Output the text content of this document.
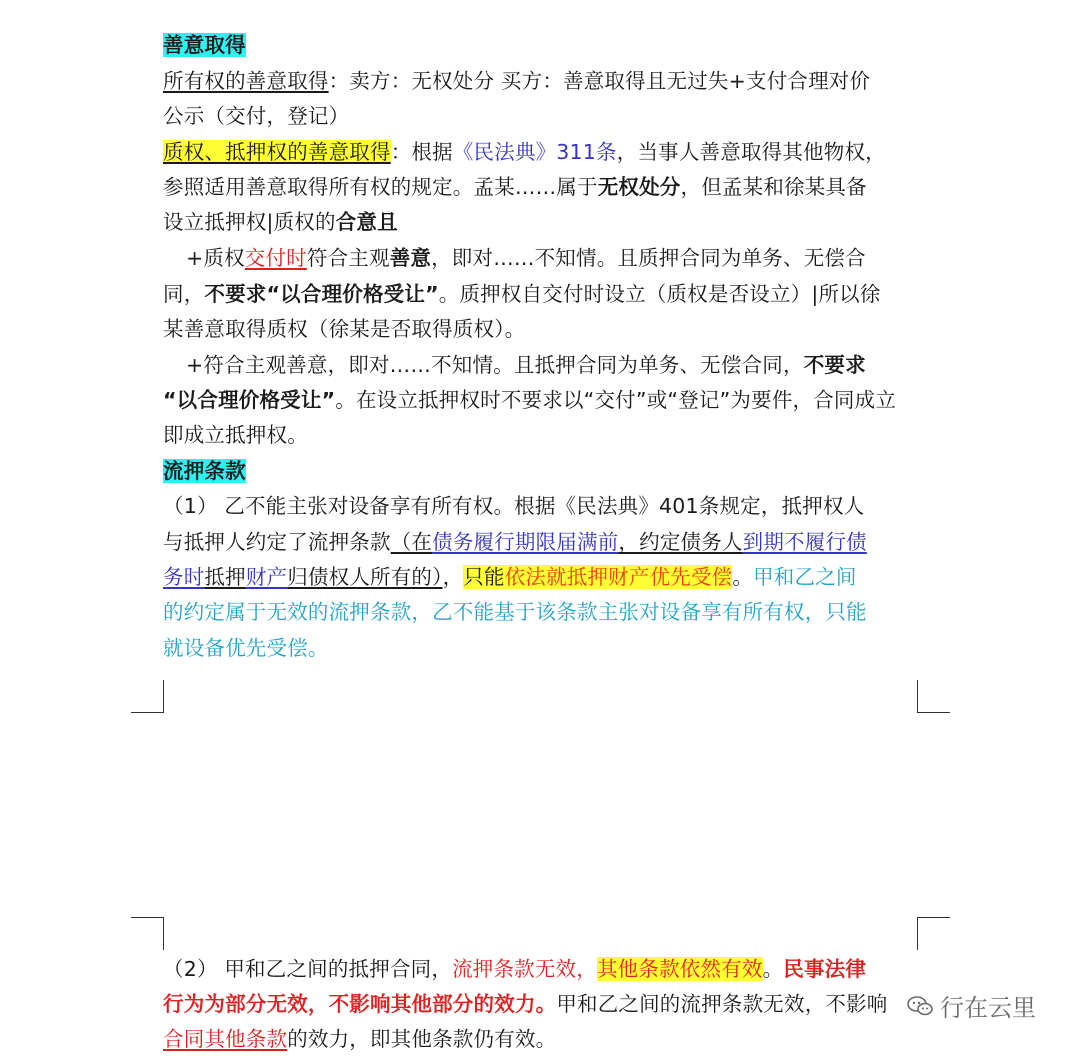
善意取得
所有权的善意取得：卖方：无权处分 买方：善意取得且无过失+支付合理对价
公示（交付，登记）
质权、抵押权的善意取得：根据《民法典》311条，当事人善意取得其他物权，
参照适用善意取得所有权的规定。孟某……属于无权处分，但孟某和徐某具备
设立抵押权|质权的合意且
+质权交付时符合主观善意，即对……不知情。且质押合同为单务、无偿合
同，不要求“以合理价格受让”。质押权自交付时设立（质权是否设立）|所以徐
某善意取得质权（徐某是否取得质权）。
+符合主观善意，即对……不知情。且抵押合同为单务、无偿合同，不要求
“以合理价格受让”。在设立抵押权时不要求以“交付”或“登记”为要件，合同成立
即成立抵押权。
流押条款
（1） 乙不能主张对设备享有所有权。根据《民法典》401条规定，抵押权人
与抵押人约定了流押条款（在债务履行期限届满前，约定债务人到期不履行债
务时抵押财产归债权人所有的），只能依法就抵押财产优先受偿。甲和乙之间
的约定属于无效的流押条款，乙不能基于该条款主张对设备享有所有权，只能
就设备优先受偿。
（2） 甲和乙之间的抵押合同，流押条款无效，其他条款依然有效。民事法律
行为为部分无效，不影响其他部分的效力。甲和乙之间的流押条款无效，不影响
合同其他条款的效力，即其他条款仍有效。
行在云里
